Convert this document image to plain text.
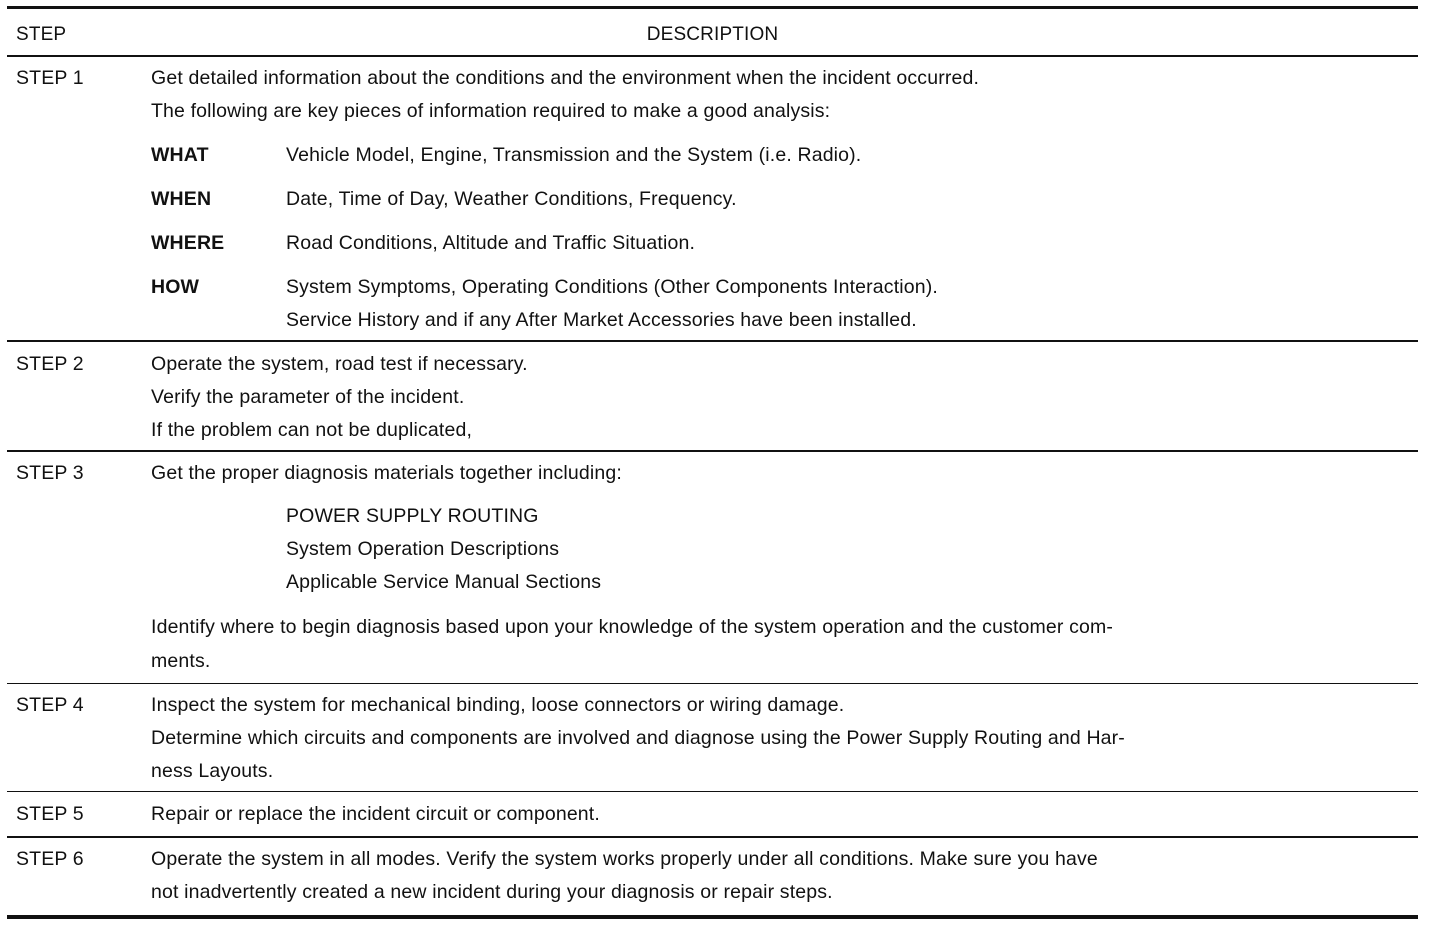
STEP	DESCRIPTION
STEP 1	Get detailed information about the conditions and the environment when the incident occurred.
The following are key pieces of information required to make a good analysis:
WHAT	Vehicle Model, Engine, Transmission and the System (i.e. Radio).
WHEN	Date, Time of Day, Weather Conditions, Frequency.
WHERE	Road Conditions, Altitude and Traffic Situation.
HOW	System Symptoms, Operating Conditions (Other Components Interaction).
Service History and if any After Market Accessories have been installed.
STEP 2	Operate the system, road test if necessary.
Verify the parameter of the incident.
If the problem can not be duplicated,
STEP 3	Get the proper diagnosis materials together including:
POWER SUPPLY ROUTING
System Operation Descriptions
Applicable Service Manual Sections
Identify where to begin diagnosis based upon your knowledge of the system operation and the customer com-
ments.
STEP 4	Inspect the system for mechanical binding, loose connectors or wiring damage.
Determine which circuits and components are involved and diagnose using the Power Supply Routing and Har-
ness Layouts.
STEP 5	Repair or replace the incident circuit or component.
STEP 6	Operate the system in all modes. Verify the system works properly under all conditions. Make sure you have
not inadvertently created a new incident during your diagnosis or repair steps.
